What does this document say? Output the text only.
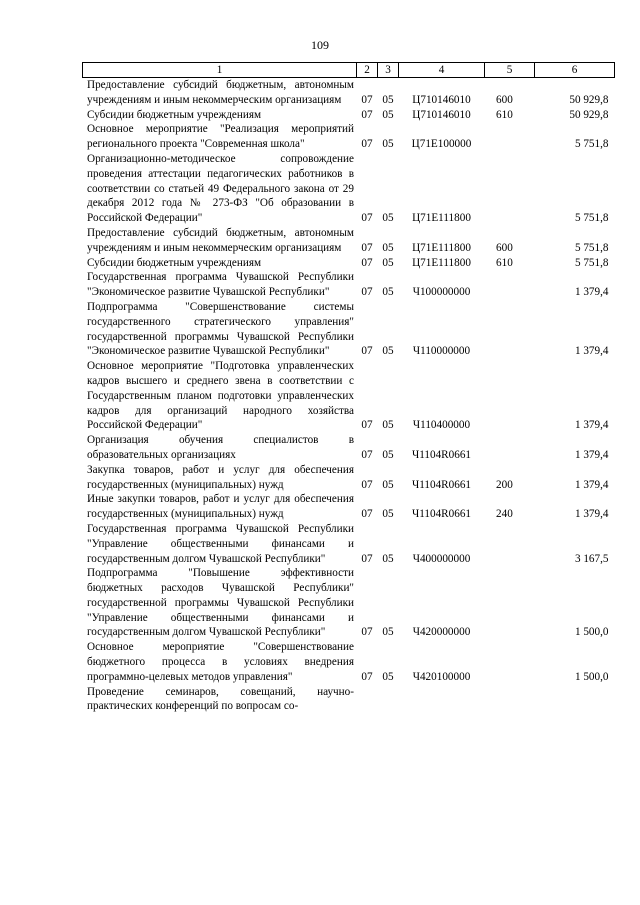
109
1	2	3	4	5	6
Предоставление субсидий бюджетным, автономным учреждениям и иным некоммерческим организациям	07	05	Ц710146010	600	50 929,8
Субсидии бюджетным учреждениям	07	05	Ц710146010	610	50 929,8
Основное мероприятие "Реализация мероприятий регионального проекта "Современная школа"	07	05	Ц71Е100000		5 751,8
Организационно-методическое сопровождение проведения аттестации педагогических работников в соответствии со статьей 49 Федерального закона от 29 декабря 2012 года № 273-ФЗ "Об образовании в Российской Федерации"	07	05	Ц71Е111800		5 751,8
Предоставление субсидий бюджетным, автономным учреждениям и иным некоммерческим организациям	07	05	Ц71Е111800	600	5 751,8
Субсидии бюджетным учреждениям	07	05	Ц71Е111800	610	5 751,8
Государственная программа Чувашской Республики "Экономическое развитие Чувашской Республики"	07	05	Ч100000000		1 379,4
Подпрограмма "Совершенствование системы государственного стратегического управления" государственной программы Чувашской Республики "Экономическое развитие Чувашской Республики"	07	05	Ч110000000		1 379,4
Основное мероприятие "Подготовка управленческих кадров высшего и среднего звена в соответствии с Государственным планом подготовки управленческих кадров для организаций народного хозяйства Российской Федерации"	07	05	Ч110400000		1 379,4
Организация обучения специалистов в образовательных организациях	07	05	Ч1104R0661		1 379,4
Закупка товаров, работ и услуг для обеспечения государственных (муниципальных) нужд	07	05	Ч1104R0661	200	1 379,4
Иные закупки товаров, работ и услуг для обеспечения государственных (муниципальных) нужд	07	05	Ч1104R0661	240	1 379,4
Государственная программа Чувашской Республики "Управление общественными финансами и государственным долгом Чувашской Республики"	07	05	Ч400000000		3 167,5
Подпрограмма "Повышение эффективности бюджетных расходов Чувашской Республики" государственной программы Чувашской Республики "Управление общественными финансами и государственным долгом Чувашской Республики"	07	05	Ч420000000		1 500,0
Основное мероприятие "Совершенствование бюджетного процесса в условиях внедрения программно-целевых методов управления"	07	05	Ч420100000		1 500,0
Проведение семинаров, совещаний, научно-практических конференций по вопросам со-					
